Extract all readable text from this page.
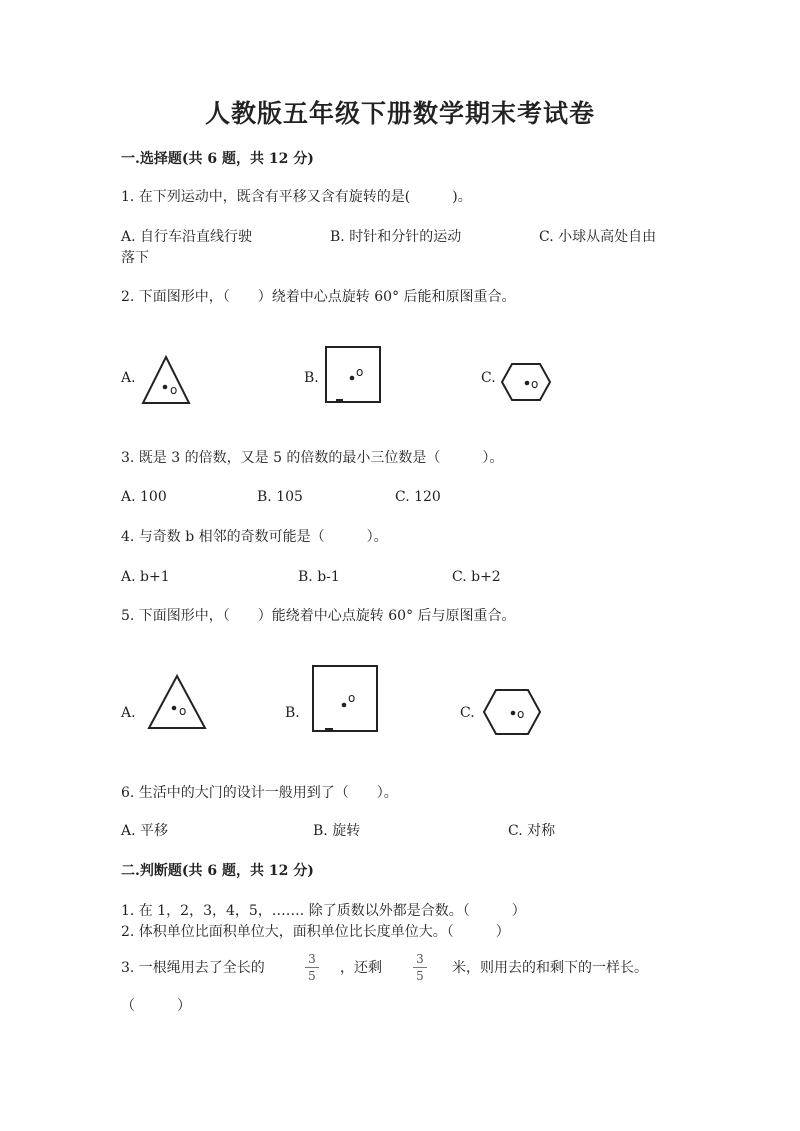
人教版五年级下册数学期末考试卷
一.选择题(共 6 题，共 12 分)
1. 在下列运动中，既含有平移又含有旋转的是(　　　)。
A. 自行车沿直线行驶	B. 时针和分针的运动	C. 小球从高处自由
落下
2. 下面图形中，（　　）绕着中心点旋转 60° 后能和原图重合。
A.
o
B.	o	C.	o
3. 既是 3 的倍数，又是 5 的倍数的最小三位数是（　　　）。
A. 100	B. 105	C. 120
4. 与奇数 b 相邻的奇数可能是（　　　）。
A. b+1	B. b-1	C. b+2
5. 下面图形中，（　　）能绕着中心点旋转 60° 后与原图重合。
A.	o	B.
o
C.	o
6. 生活中的大门的设计一般用到了（　　）。
A. 平移	B. 旋转	C. 对称
二.判断题(共 6 题，共 12 分)
1. 在 1，2，3，4，5，……. 除了质数以外都是合数。（　　　）
2. 体积单位比面积单位大，面积单位比长度单位大。（　　　）
3. 一根绳用去了全长的
3
5	，还剩
3
5	米，则用去的和剩下的一样长。
（　　　）
